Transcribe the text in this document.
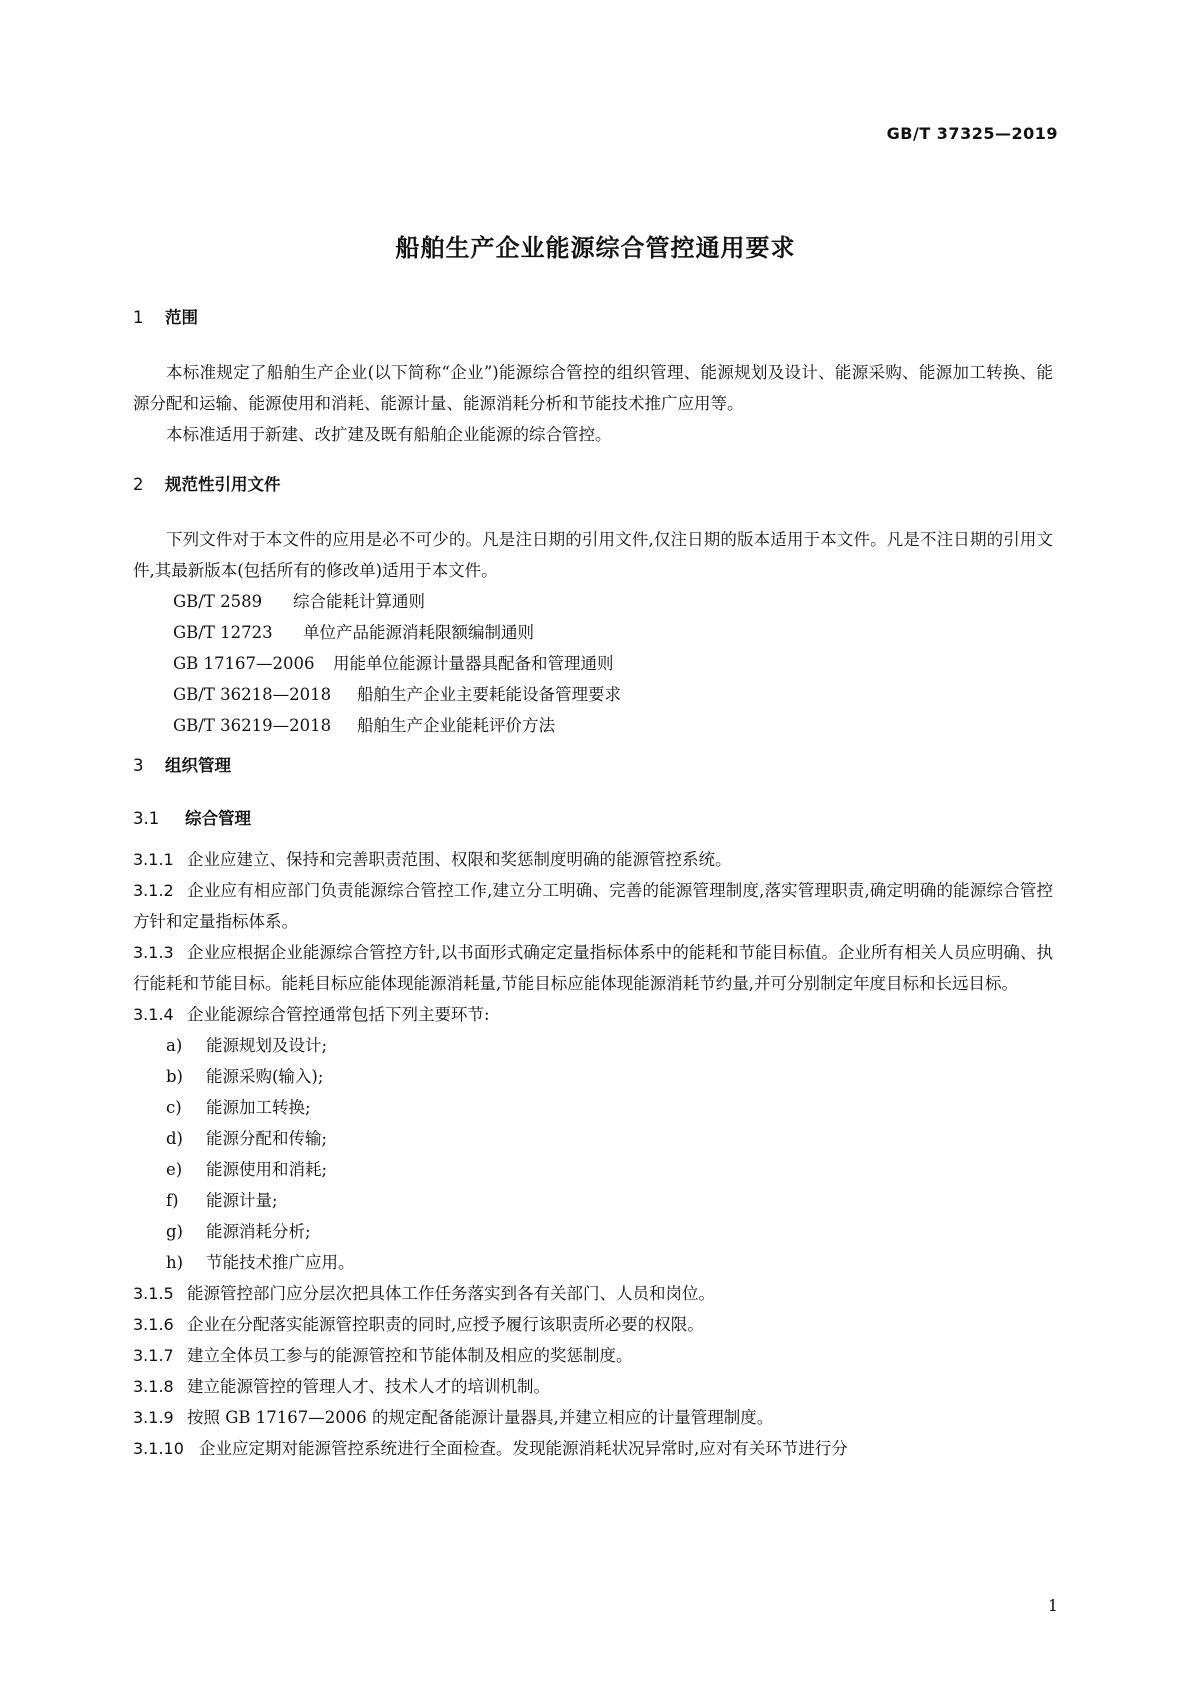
GB/T 37325—2019
船舶生产企业能源综合管控通用要求
1 范围
本标准规定了船舶生产企业(以下简称“企业”)能源综合管控的组织管理、能源规划及设计、能源采购、能源加工转换、能源分配和运输、能源使用和消耗、能源计量、能源消耗分析和节能技术推广应用等。
本标准适用于新建、改扩建及既有船舶企业能源的综合管控。
2 规范性引用文件
下列文件对于本文件的应用是必不可少的。凡是注日期的引用文件,仅注日期的版本适用于本文件。凡是不注日期的引用文件,其最新版本(包括所有的修改单)适用于本文件。
GB/T 2589 综合能耗计算通则
GB/T 12723 单位产品能源消耗限额编制通则
GB 17167—2006 用能单位能源计量器具配备和管理通则
GB/T 36218—2018 船舶生产企业主要耗能设备管理要求
GB/T 36219—2018 船舶生产企业能耗评价方法
3 组织管理
3.1 综合管理
3.1.1 企业应建立、保持和完善职责范围、权限和奖惩制度明确的能源管控系统。
3.1.2 企业应有相应部门负责能源综合管控工作,建立分工明确、完善的能源管理制度,落实管理职责,确定明确的能源综合管控方针和定量指标体系。
3.1.3 企业应根据企业能源综合管控方针,以书面形式确定定量指标体系中的能耗和节能目标值。企业所有相关人员应明确、执行能耗和节能目标。能耗目标应能体现能源消耗量,节能目标应能体现能源消耗节约量,并可分别制定年度目标和长远目标。
3.1.4 企业能源综合管控通常包括下列主要环节:
a) 能源规划及设计;
b) 能源采购(输入);
c) 能源加工转换;
d) 能源分配和传输;
e) 能源使用和消耗;
f) 能源计量;
g) 能源消耗分析;
h) 节能技术推广应用。
3.1.5 能源管控部门应分层次把具体工作任务落实到各有关部门、人员和岗位。
3.1.6 企业在分配落实能源管控职责的同时,应授予履行该职责所必要的权限。
3.1.7 建立全体员工参与的能源管控和节能体制及相应的奖惩制度。
3.1.8 建立能源管控的管理人才、技术人才的培训机制。
3.1.9 按照 GB 17167—2006 的规定配备能源计量器具,并建立相应的计量管理制度。
3.1.10 企业应定期对能源管控系统进行全面检查。发现能源消耗状况异常时,应对有关环节进行分
1
